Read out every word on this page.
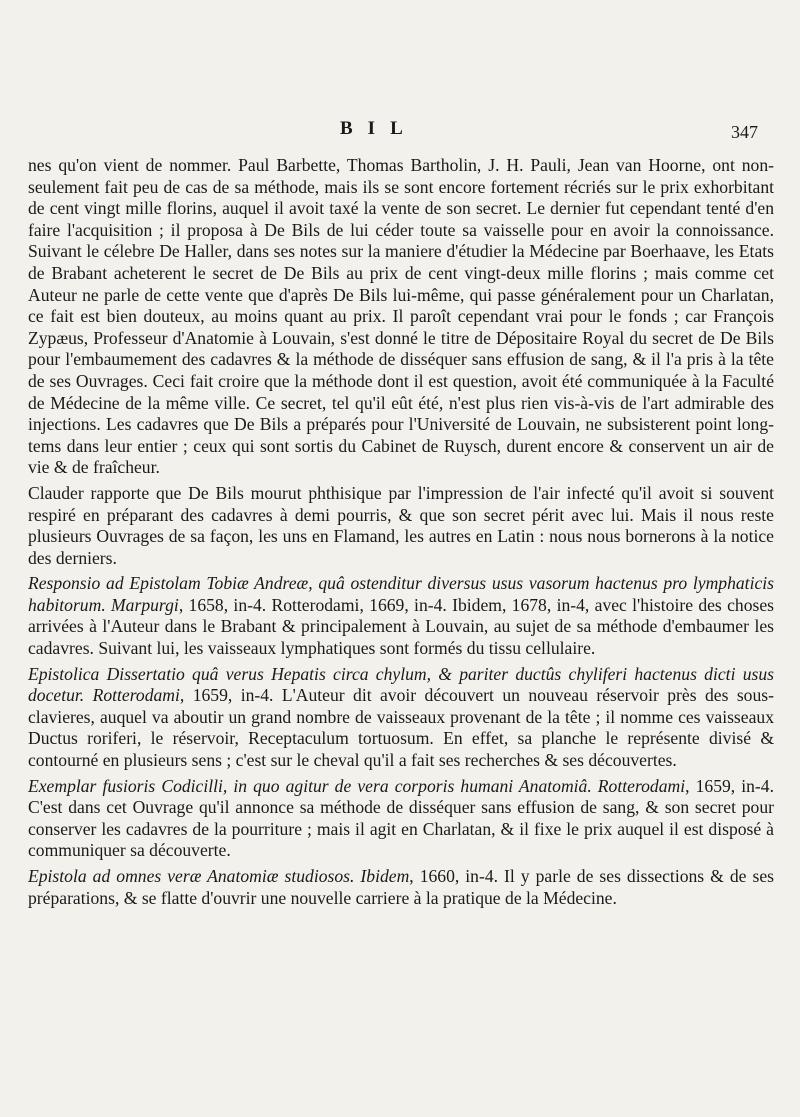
BIL	347

nes qu'on vient de nommer. Paul Barbette, Thomas Bartholin, J. H. Pauli, Jean van Hoorne, ont non-seulement fait peu de cas de sa méthode, mais ils se sont encore fortement récriés sur le prix exhorbitant de cent vingt mille florins, auquel il avoit taxé la vente de son secret. Le dernier fut cependant tenté d'en faire l'acquisition ; il proposa à De Bils de lui céder toute sa vaisselle pour en avoir la connoissance. Suivant le célebre De Haller, dans ses notes sur la maniere d'étudier la Médecine par Boerhaave, les Etats de Brabant acheterent le secret de De Bils au prix de cent vingt-deux mille florins ; mais comme cet Auteur ne parle de cette vente que d'après De Bils lui-même, qui passe généralement pour un Charlatan, ce fait est bien douteux, au moins quant au prix. Il paroît cependant vrai pour le fonds ; car François Zypæus, Professeur d'Anatomie à Louvain, s'est donné le titre de Dépositaire Royal du secret de De Bils pour l'embaumement des cadavres & la méthode de disséquer sans effusion de sang, & il l'a pris à la tête de ses Ouvrages. Ceci fait croire que la méthode dont il est question, avoit été communiquée à la Faculté de Médecine de la même ville. Ce secret, tel qu'il eût été, n'est plus rien vis-à-vis de l'art admirable des injections. Les cadavres que De Bils a préparés pour l'Université de Louvain, ne subsisterent point long-tems dans leur entier ; ceux qui sont sortis du Cabinet de Ruysch, durent encore & conservent un air de vie & de fraîcheur.

Clauder rapporte que De Bils mourut phthisique par l'impression de l'air infecté qu'il avoit si souvent respiré en préparant des cadavres à demi pourris, & que son secret périt avec lui. Mais il nous reste plusieurs Ouvrages de sa façon, les uns en Flamand, les autres en Latin : nous nous bornerons à la notice des derniers.

Responsio ad Epistolam Tobiæ Andreæ, quâ ostenditur diversus usus vasorum hactenus pro lymphaticis habitorum. Marpurgi, 1658, in-4. Rotterodami, 1669, in-4. Ibidem, 1678, in-4, avec l'histoire des choses arrivées à l'Auteur dans le Brabant & principalement à Louvain, au sujet de sa méthode d'embaumer les cadavres. Suivant lui, les vaisseaux lymphatiques sont formés du tissu cellulaire.

Epistolica Dissertatio quâ verus Hepatis circa chylum, & pariter ductûs chyliferi hactenus dicti usus docetur. Rotterodami, 1659, in-4. L'Auteur dit avoir découvert un nouveau réservoir près des sous-clavieres, auquel va aboutir un grand nombre de vaisseaux provenant de la tête ; il nomme ces vaisseaux Ductus roriferi, le réservoir, Receptaculum tortuosum. En effet, sa planche le représente divisé & contourné en plusieurs sens ; c'est sur le cheval qu'il a fait ses recherches & ses découvertes.

Exemplar fusioris Codicilli, in quo agitur de vera corporis humani Anatomiâ. Rotterodami, 1659, in-4. C'est dans cet Ouvrage qu'il annonce sa méthode de disséquer sans effusion de sang, & son secret pour conserver les cadavres de la pourriture ; mais il agit en Charlatan, & il fixe le prix auquel il est disposé à communiquer sa découverte.

Epistola ad omnes veræ Anatomiæ studiosos. Ibidem, 1660, in-4. Il y parle de ses dissections & de ses préparations, & se flatte d'ouvrir une nouvelle carriere à la pratique de la Médecine.
